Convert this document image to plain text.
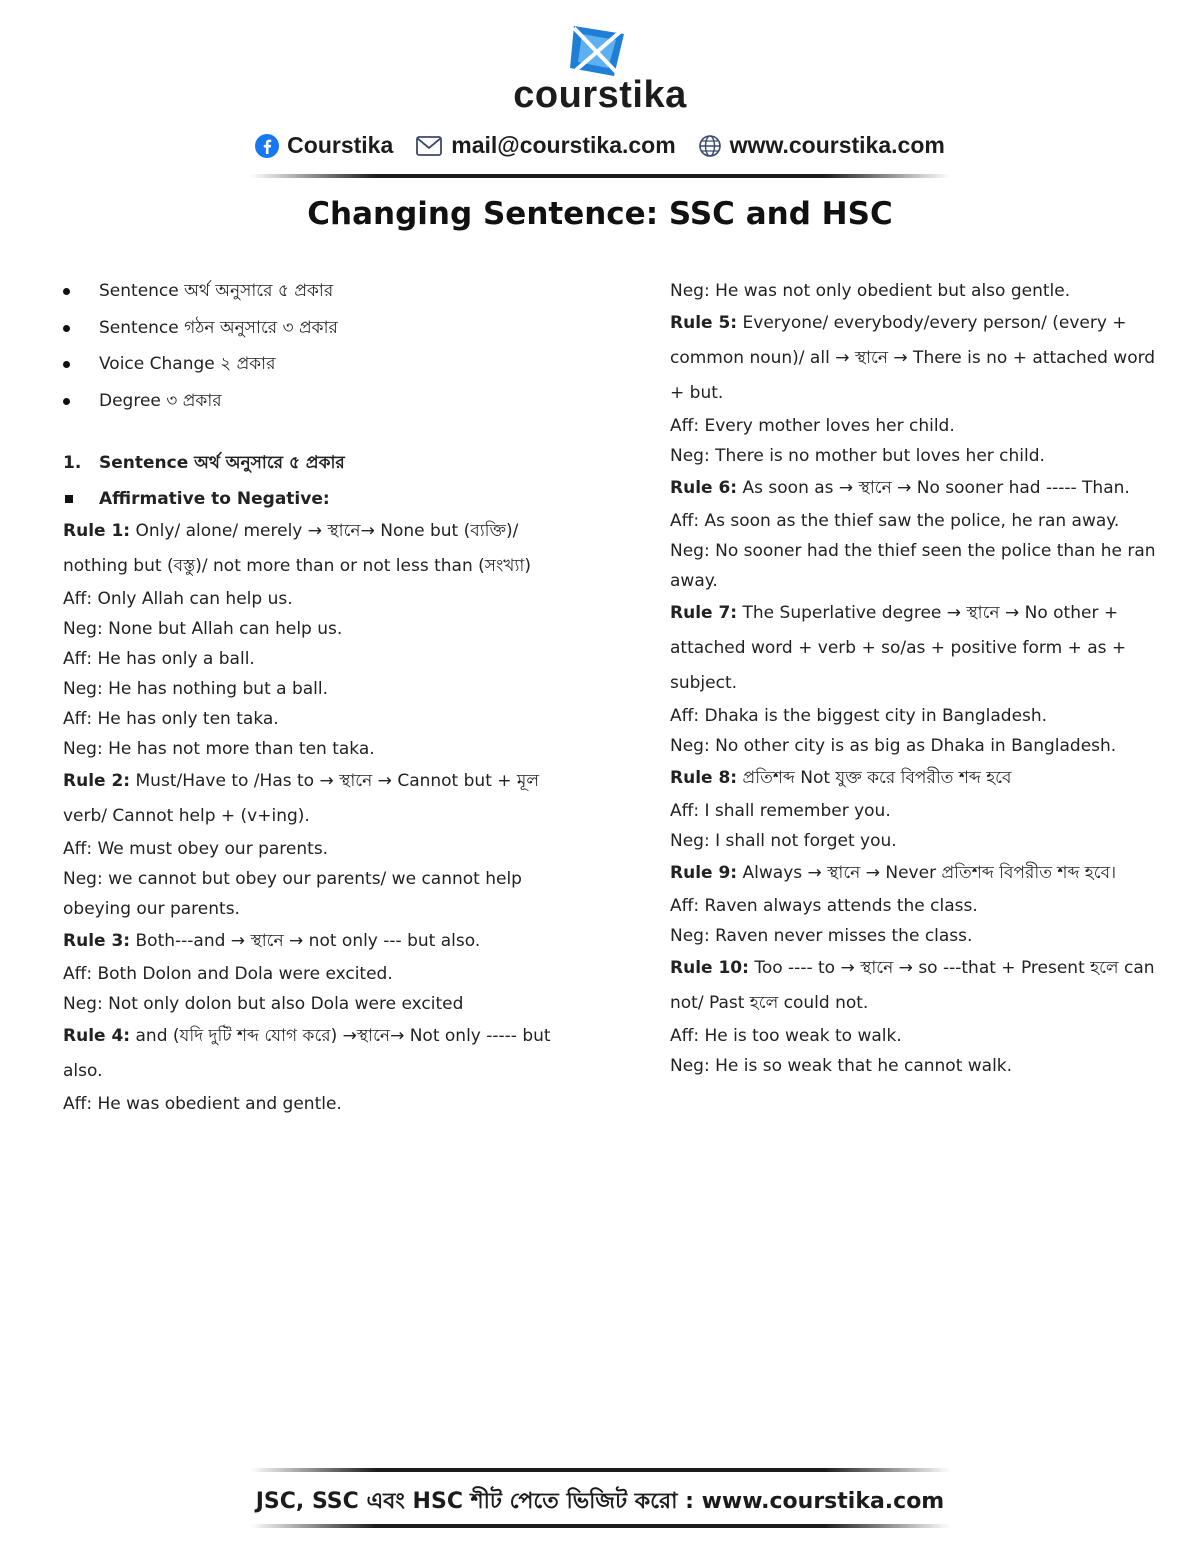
courstika
Courstika	mail@courstika.com www.courstika.com
Changing Sentence: SSC and HSC
Sentence অর্থ অনুসারে ৫ প্রকার
Sentence গঠন অনুসারে ৩ প্রকার
Voice Change ২ প্রকার
Degree ৩ প্রকার
1.	Sentence অর্থ অনুসারে ৫ প্রকার
Affirmative to Negative:

Rule 1: Only/ alone/ merely → স্থানে→ None but (ব্যক্তি)/ nothing but (বস্তু)/ not more than or not less than (সংখ্যা)

Aff: Only Allah can help us.

Neg: None but Allah can help us.

Aff: He has only a ball.

Neg: He has nothing but a ball.

Aff: He has only ten taka.

Neg: He has not more than ten taka.

Rule 2: Must/Have to /Has to → স্থানে → Cannot but + মূল verb/ Cannot help + (v+ing).

Aff: We must obey our parents.

Neg: we cannot but obey our parents/ we cannot help obeying our parents.

Rule 3: Both---and → স্থানে → not only --- but also.

Aff: Both Dolon and Dola were excited.

Neg: Not only dolon but also Dola were excited

Rule 4: and (যদি দুটি শব্দ যোগ করে) →স্থানে→ Not only ----- but also.

Aff: He was obedient and gentle.

Neg: He was not only obedient but also gentle.

Rule 5: Everyone/ everybody/every person/ (every + common noun)/ all → স্থানে → There is no + attached word + but.

Aff: Every mother loves her child.

Neg: There is no mother but loves her child.

Rule 6: As soon as → স্থানে → No sooner had ----- Than.

Aff: As soon as the thief saw the police, he ran away.

Neg: No sooner had the thief seen the police than he ran away.

Rule 7: The Superlative degree → স্থানে → No other + attached word + verb + so/as + positive form + as + subject.

Aff: Dhaka is the biggest city in Bangladesh.

Neg: No other city is as big as Dhaka in Bangladesh.

Rule 8: প্রতিশব্দ Not যুক্ত করে বিপরীত শব্দ হবে

Aff: I shall remember you.

Neg: I shall not forget you.

Rule 9: Always → স্থানে → Never প্রতিশব্দ বিপরীত শব্দ হবে।

Aff: Raven always attends the class.

Neg: Raven never misses the class.

Rule 10: Too ---- to → স্থানে → so ---that + Present হলে can not/ Past হলে could not.

Aff: He is too weak to walk.

Neg: He is so weak that he cannot walk.

JSC, SSC এবং HSC শীট পেতে ভিজিট করো : www.courstika.com
